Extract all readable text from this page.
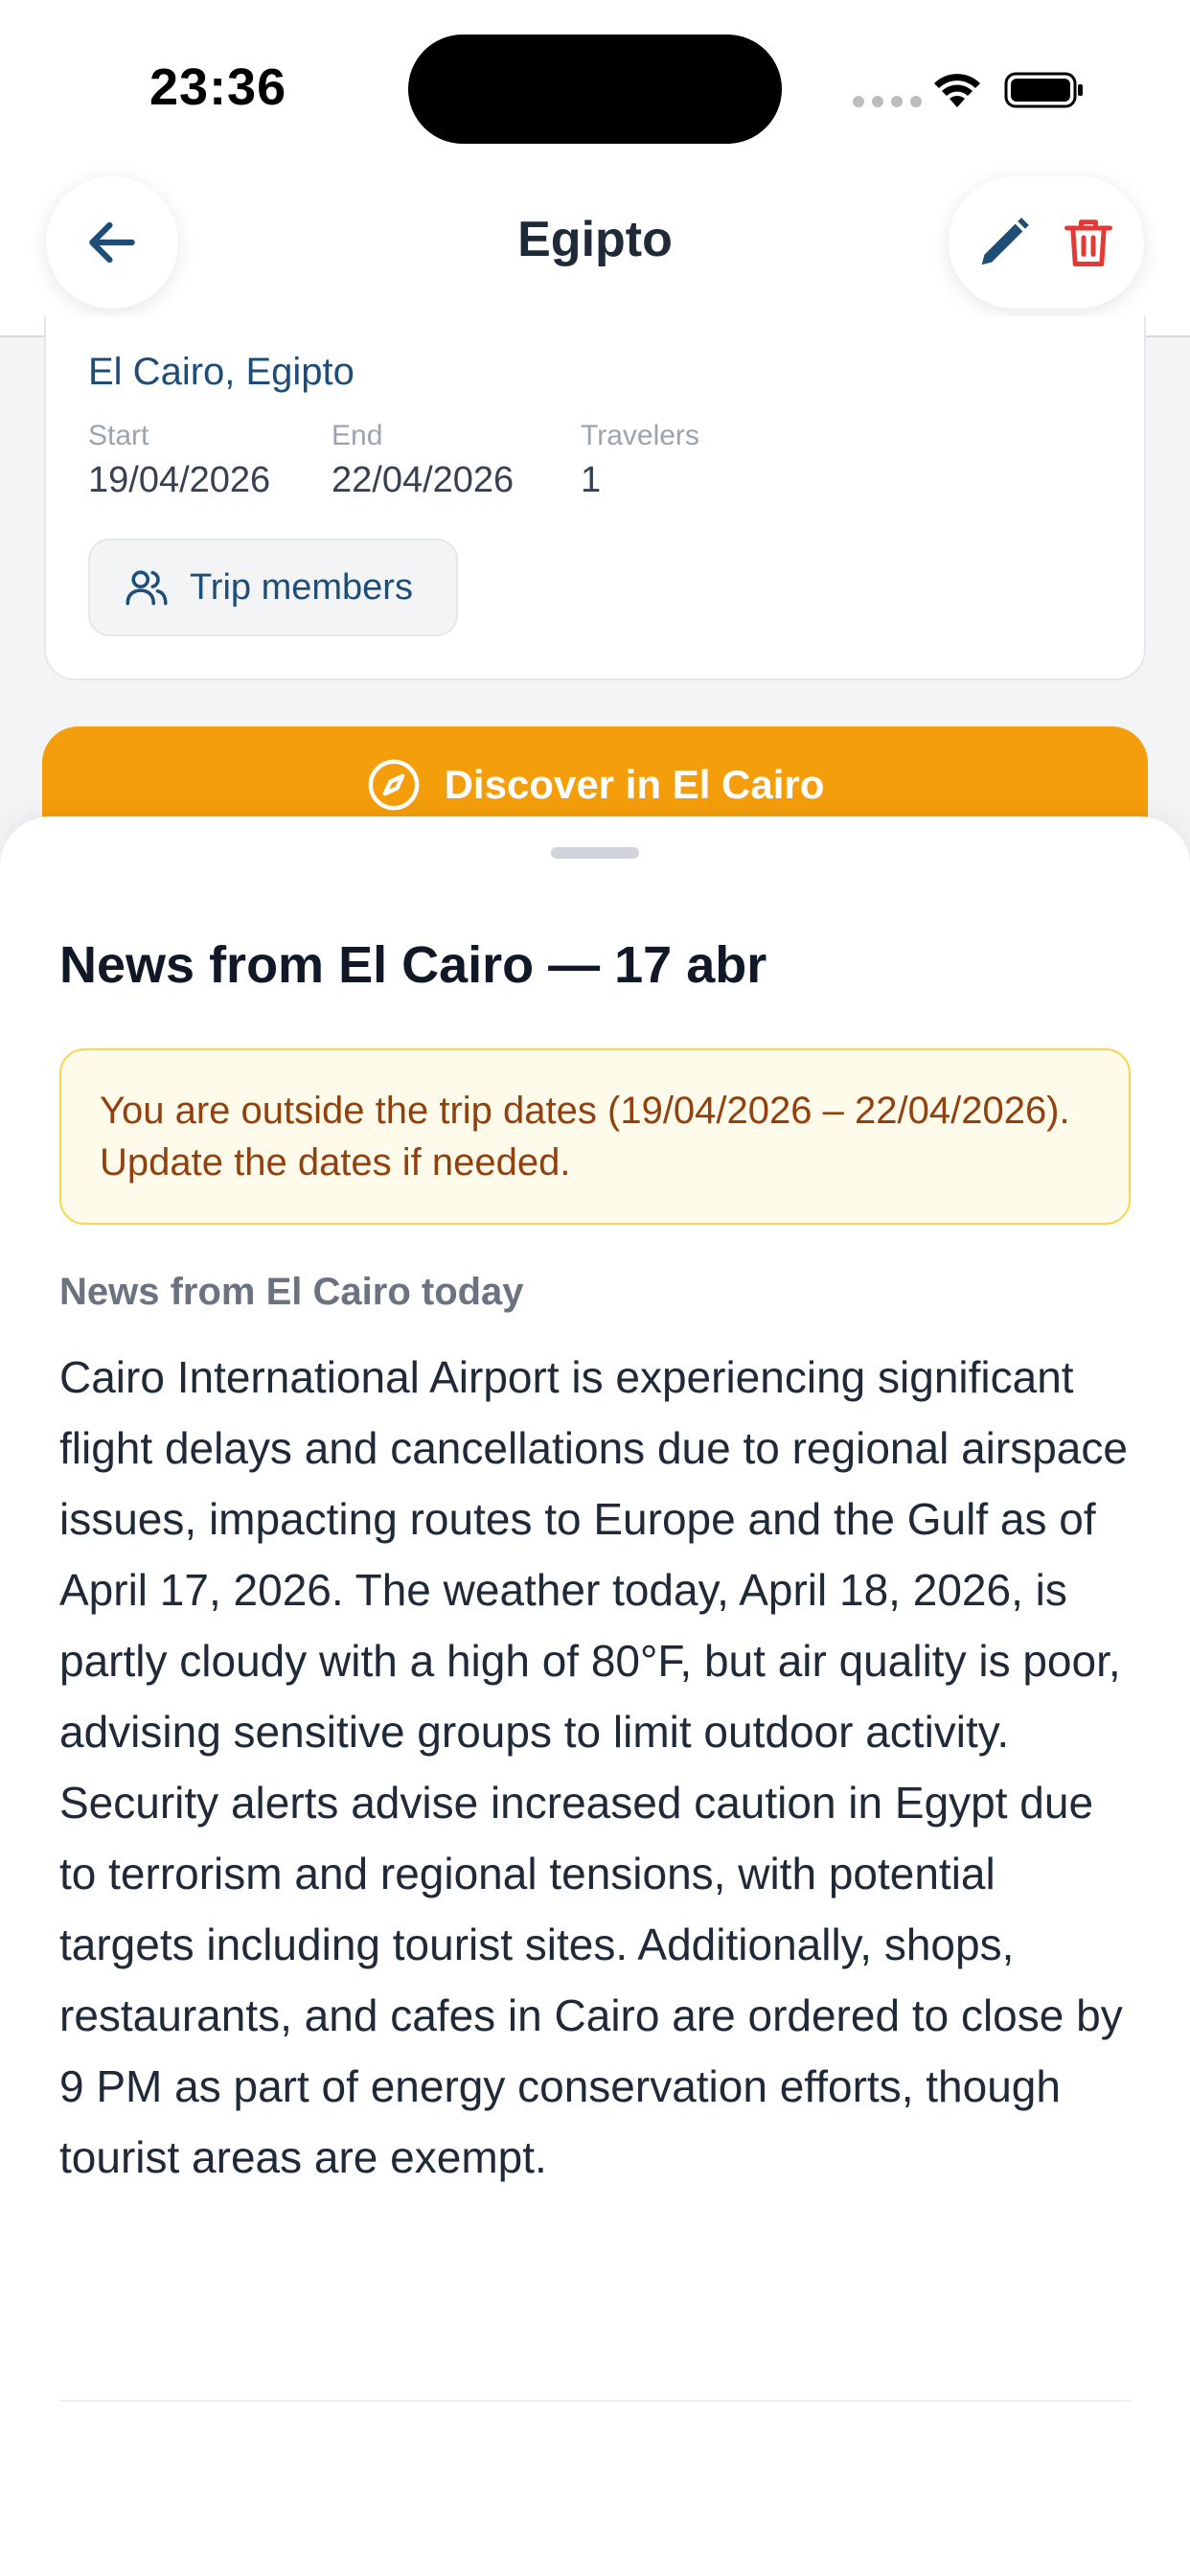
23:36
Egipto
El Cairo, Egipto
Start
19/04/2026
End
22/04/2026
Travelers
1
Trip members
Discover in El Cairo
News from El Cairo — 17 abr
You are outside the trip dates (19/04/2026 – 22/04/2026). Update the dates if needed.
News from El Cairo today
Cairo International Airport is experiencing significant flight delays and cancellations due to regional airspace issues, impacting routes to Europe and the Gulf as of April 17, 2026. The weather today, April 18, 2026, is partly cloudy with a high of 80°F, but air quality is poor, advising sensitive groups to limit outdoor activity. Security alerts advise increased caution in Egypt due to terrorism and regional tensions, with potential targets including tourist sites. Additionally, shops, restaurants, and cafes in Cairo are ordered to close by 9 PM as part of energy conservation efforts, though tourist areas are exempt.
